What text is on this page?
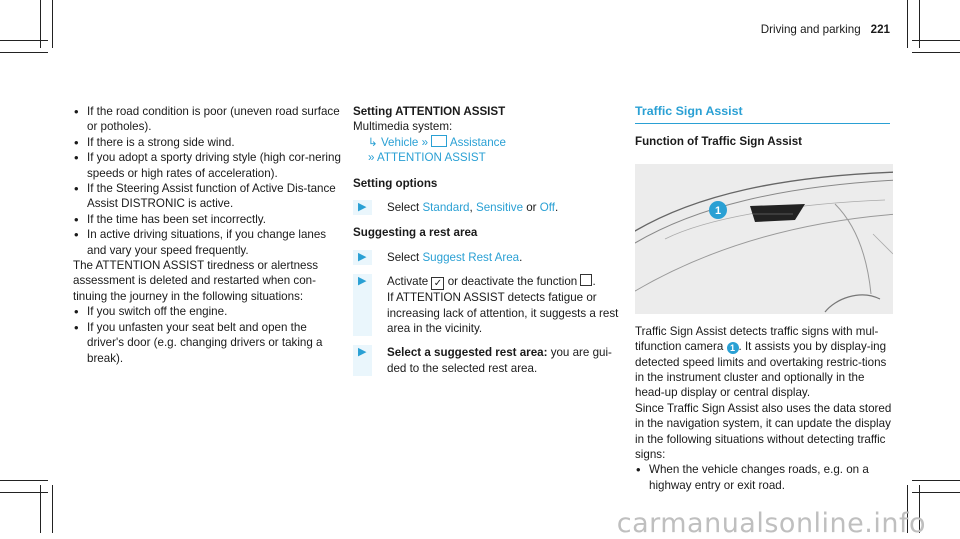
Driving and parking 221
• If the road condition is poor (uneven road surface or potholes).
• If there is a strong side wind.
• If you adopt a sporty driving style (high cor-nering speeds or high rates of acceleration).
• If the Steering Assist function of Active Dis-tance Assist DISTRONIC is active.
• If the time has been set incorrectly.
• In active driving situations, if you change lanes and vary your speed frequently.

The ATTENTION ASSIST tiredness or alertness assessment is deleted and restarted when con-tinuing the journey in the following situations:

• If you switch off the engine.
• If you unfasten your seat belt and open the driver's door (e.g. changing drivers or taking a break).

Setting ATTENTION ASSIST

Multimedia system:

↳ Vehicle » Assistance

» ATTENTION ASSIST

Setting options

▶ Select Standard, Sensitive or Off.

Suggesting a rest area

▶ Select Suggest Rest Area.

▶ Activate ✓ or deactivate the function .
If ATTENTION ASSIST detects fatigue or increasing lack of attention, it suggests a rest area in the vicinity.

▶ Select a suggested rest area: you are gui-ded to the selected rest area.

Traffic Sign Assist

Function of Traffic Sign Assist

1

Traffic Sign Assist detects traffic signs with mul-tifunction camera 1 . It assists you by display-ing detected speed limits and overtaking restric-tions in the instrument cluster and optionally in the head-up display or central display.

Since Traffic Sign Assist also uses the data stored in the navigation system, it can update the display in the following situations without detecting traffic signs:

• When the vehicle changes roads, e.g. on a highway entry or exit road.
carmanualsonline.info
